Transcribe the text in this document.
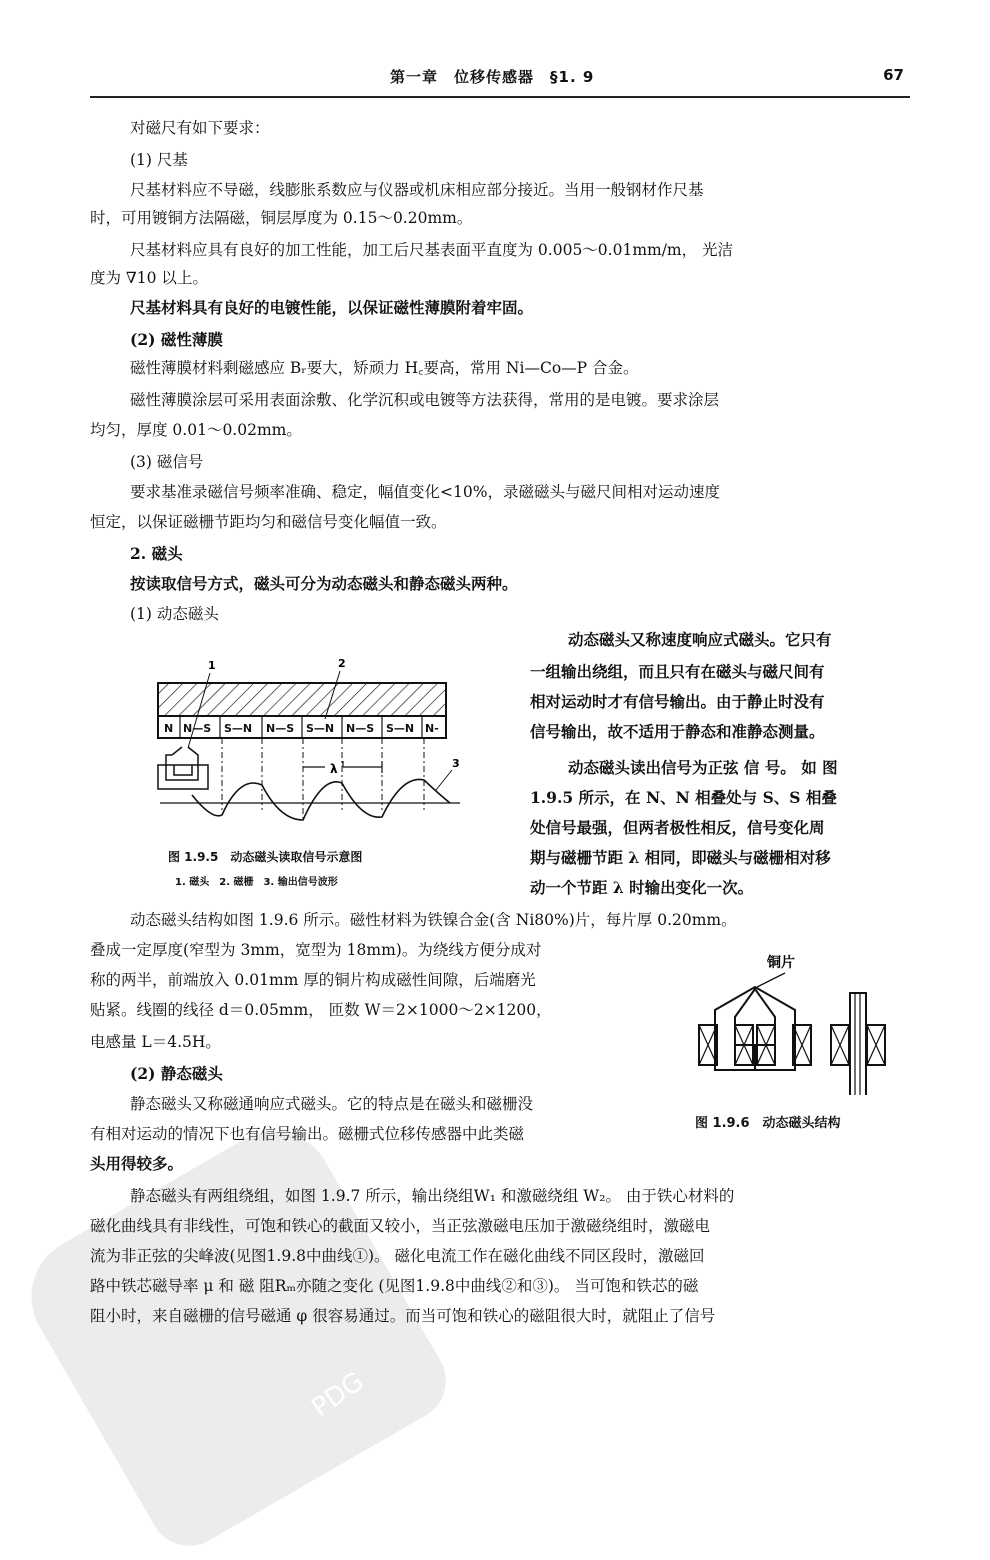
PDG
第一章　位移传感器　§1. 9	67
对磁尺有如下要求：
(1) 尺基
尺基材料应不导磁，线膨胀系数应与仪器或机床相应部分接近。当用一般钢材作尺基
时，可用镀铜方法隔磁，铜层厚度为 0.15～0.20mm。
尺基材料应具有良好的加工性能，加工后尺基表面平直度为 0.005～0.01mm/m， 光洁
度为 ∇10 以上。
尺基材料具有良好的电镀性能，以保证磁性薄膜附着牢固。
(2) 磁性薄膜
磁性薄膜材料剩磁感应 Bᵣ要大，矫顽力 H꜀要高，常用 Ni—Co—P 合金。
磁性薄膜涂层可采用表面涂敷、化学沉积或电镀等方法获得，常用的是电镀。要求涂层
均匀，厚度 0.01～0.02mm。
(3) 磁信号
要求基准录磁信号频率准确、稳定，幅值变化<10%，录磁磁头与磁尺间相对运动速度
恒定，以保证磁栅节距均匀和磁信号变化幅值一致。
2. 磁头
按读取信号方式，磁头可分为动态磁头和静态磁头两种。
(1) 动态磁头
N N—S S—N N—S S—N N—S S—N N-
λ
1	2
3
图 1.9.5　动态磁头读取信号示意图
1. 磁头　2. 磁栅　3. 输出信号波形
动态磁头又称速度响应式磁头。它只有
一组输出绕组，而且只有在磁头与磁尺间有
相对运动时才有信号输出。由于静止时没有
信号输出，故不适用于静态和准静态测量。
动态磁头读出信号为正弦 信 号。 如 图
1.9.5 所示，在 N、N 相叠处与 S、S 相叠
处信号最强，但两者极性相反，信号变化周
期与磁栅节距 λ 相同，即磁头与磁栅相对移
动一个节距 λ 时输出变化一次。
动态磁头结构如图 1.9.6 所示。磁性材料为铁镍合金(含 Ni80%)片，每片厚 0.20mm。
叠成一定厚度(窄型为 3mm，宽型为 18mm)。为绕线方便分成对
称的两半，前端放入 0.01mm 厚的铜片构成磁性间隙，后端磨光
贴紧。线圈的线径 d＝0.05mm， 匝数 W＝2×1000～2×1200，
电感量 L＝4.5H。
(2) 静态磁头
静态磁头又称磁通响应式磁头。它的特点是在磁头和磁栅没
有相对运动的情况下也有信号输出。磁栅式位移传感器中此类磁
头用得较多。
铜片
图 1.9.6　动态磁头结构
静态磁头有两组绕组，如图 1.9.7 所示，输出绕组W₁ 和激磁绕组 W₂。 由于铁心材料的
磁化曲线具有非线性，可饱和铁心的截面又较小，当正弦激磁电压加于激磁绕组时，激磁电
流为非正弦的尖峰波(见图1.9.8中曲线①)。 磁化电流工作在磁化曲线不同区段时，激磁回
路中铁芯磁导率 μ 和 磁 阻Rₘ亦随之变化 (见图1.9.8中曲线②和③)。 当可饱和铁芯的磁
阻小时，来自磁栅的信号磁通 φ 很容易通过。而当可饱和铁心的磁阻很大时，就阻止了信号
